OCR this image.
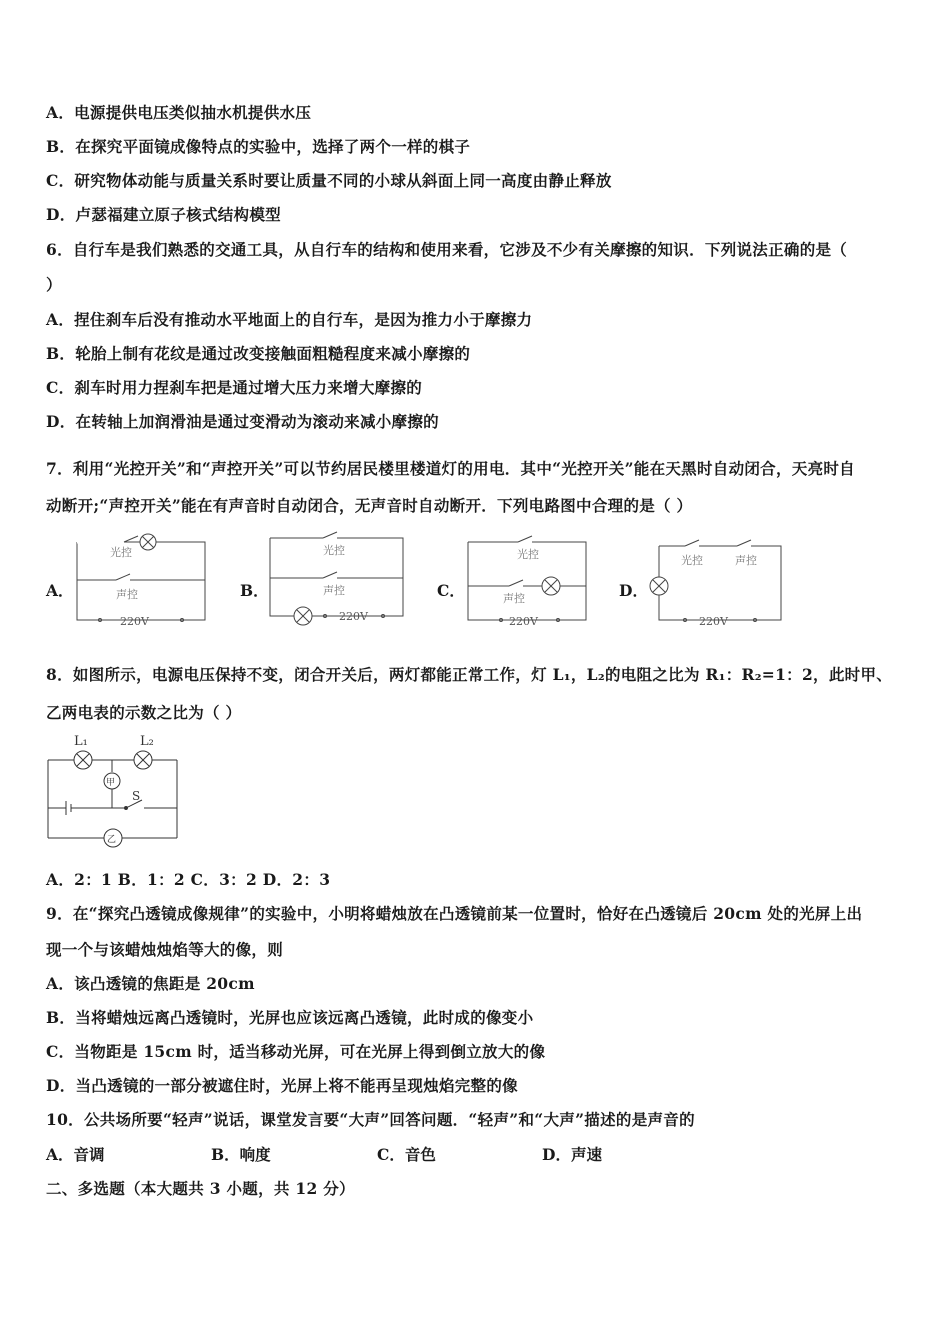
A．电源提供电压类似抽水机提供水压
B．在探究平面镜成像特点的实验中，选择了两个一样的棋子
C．研究物体动能与质量关系时要让质量不同的小球从斜面上同一高度由静止释放
D．卢瑟福建立原子核式结构模型
6．自行车是我们熟悉的交通工具，从自行车的结构和使用来看，它涉及不少有关摩擦的知识．下列说法正确的是（
）
A．捏住刹车后没有推动水平地面上的自行车，是因为推力小于摩擦力
B．轮胎上制有花纹是通过改变接触面粗糙程度来减小摩擦的
C．刹车时用力捏刹车把是通过增大压力来增大摩擦的
D．在转轴上加润滑油是通过变滑动为滚动来减小摩擦的
7．利用“光控开关”和“声控开关”可以节约居民楼里楼道灯的用电．其中“光控开关”能在天黑时自动闭合，天亮时自
动断开;“声控开关”能在有声音时自动闭合，无声音时自动断开．下列电路图中合理的是（ ）
A．	B．	C．	D．
光控
声控
220V
光控
声控
220V
光控
声控
220V
光控	声控
220V
8．如图所示，电源电压保持不变，闭合开关后，两灯都能正常工作，灯 L₁，L₂的电阻之比为 R₁：R₂=1：2，此时甲、
乙两电表的示数之比为（ ）
L₁	L₂
甲
S
乙
A．2：1 B．1：2 C．3：2 D．2：3
9．在“探究凸透镜成像规律”的实验中，小明将蜡烛放在凸透镜前某一位置时，恰好在凸透镜后 20cm 处的光屏上出
现一个与该蜡烛烛焰等大的像，则
A．该凸透镜的焦距是 20cm
B．当将蜡烛远离凸透镜时，光屏也应该远离凸透镜，此时成的像变小
C．当物距是 15cm 时，适当移动光屏，可在光屏上得到倒立放大的像
D．当凸透镜的一部分被遮住时，光屏上将不能再呈现烛焰完整的像
10．公共场所要“轻声”说话，课堂发言要“大声”回答问题．“轻声”和“大声”描述的是声音的
A．音调	B．响度	C．音色	D．声速
二、多选题（本大题共 3 小题，共 12 分）
